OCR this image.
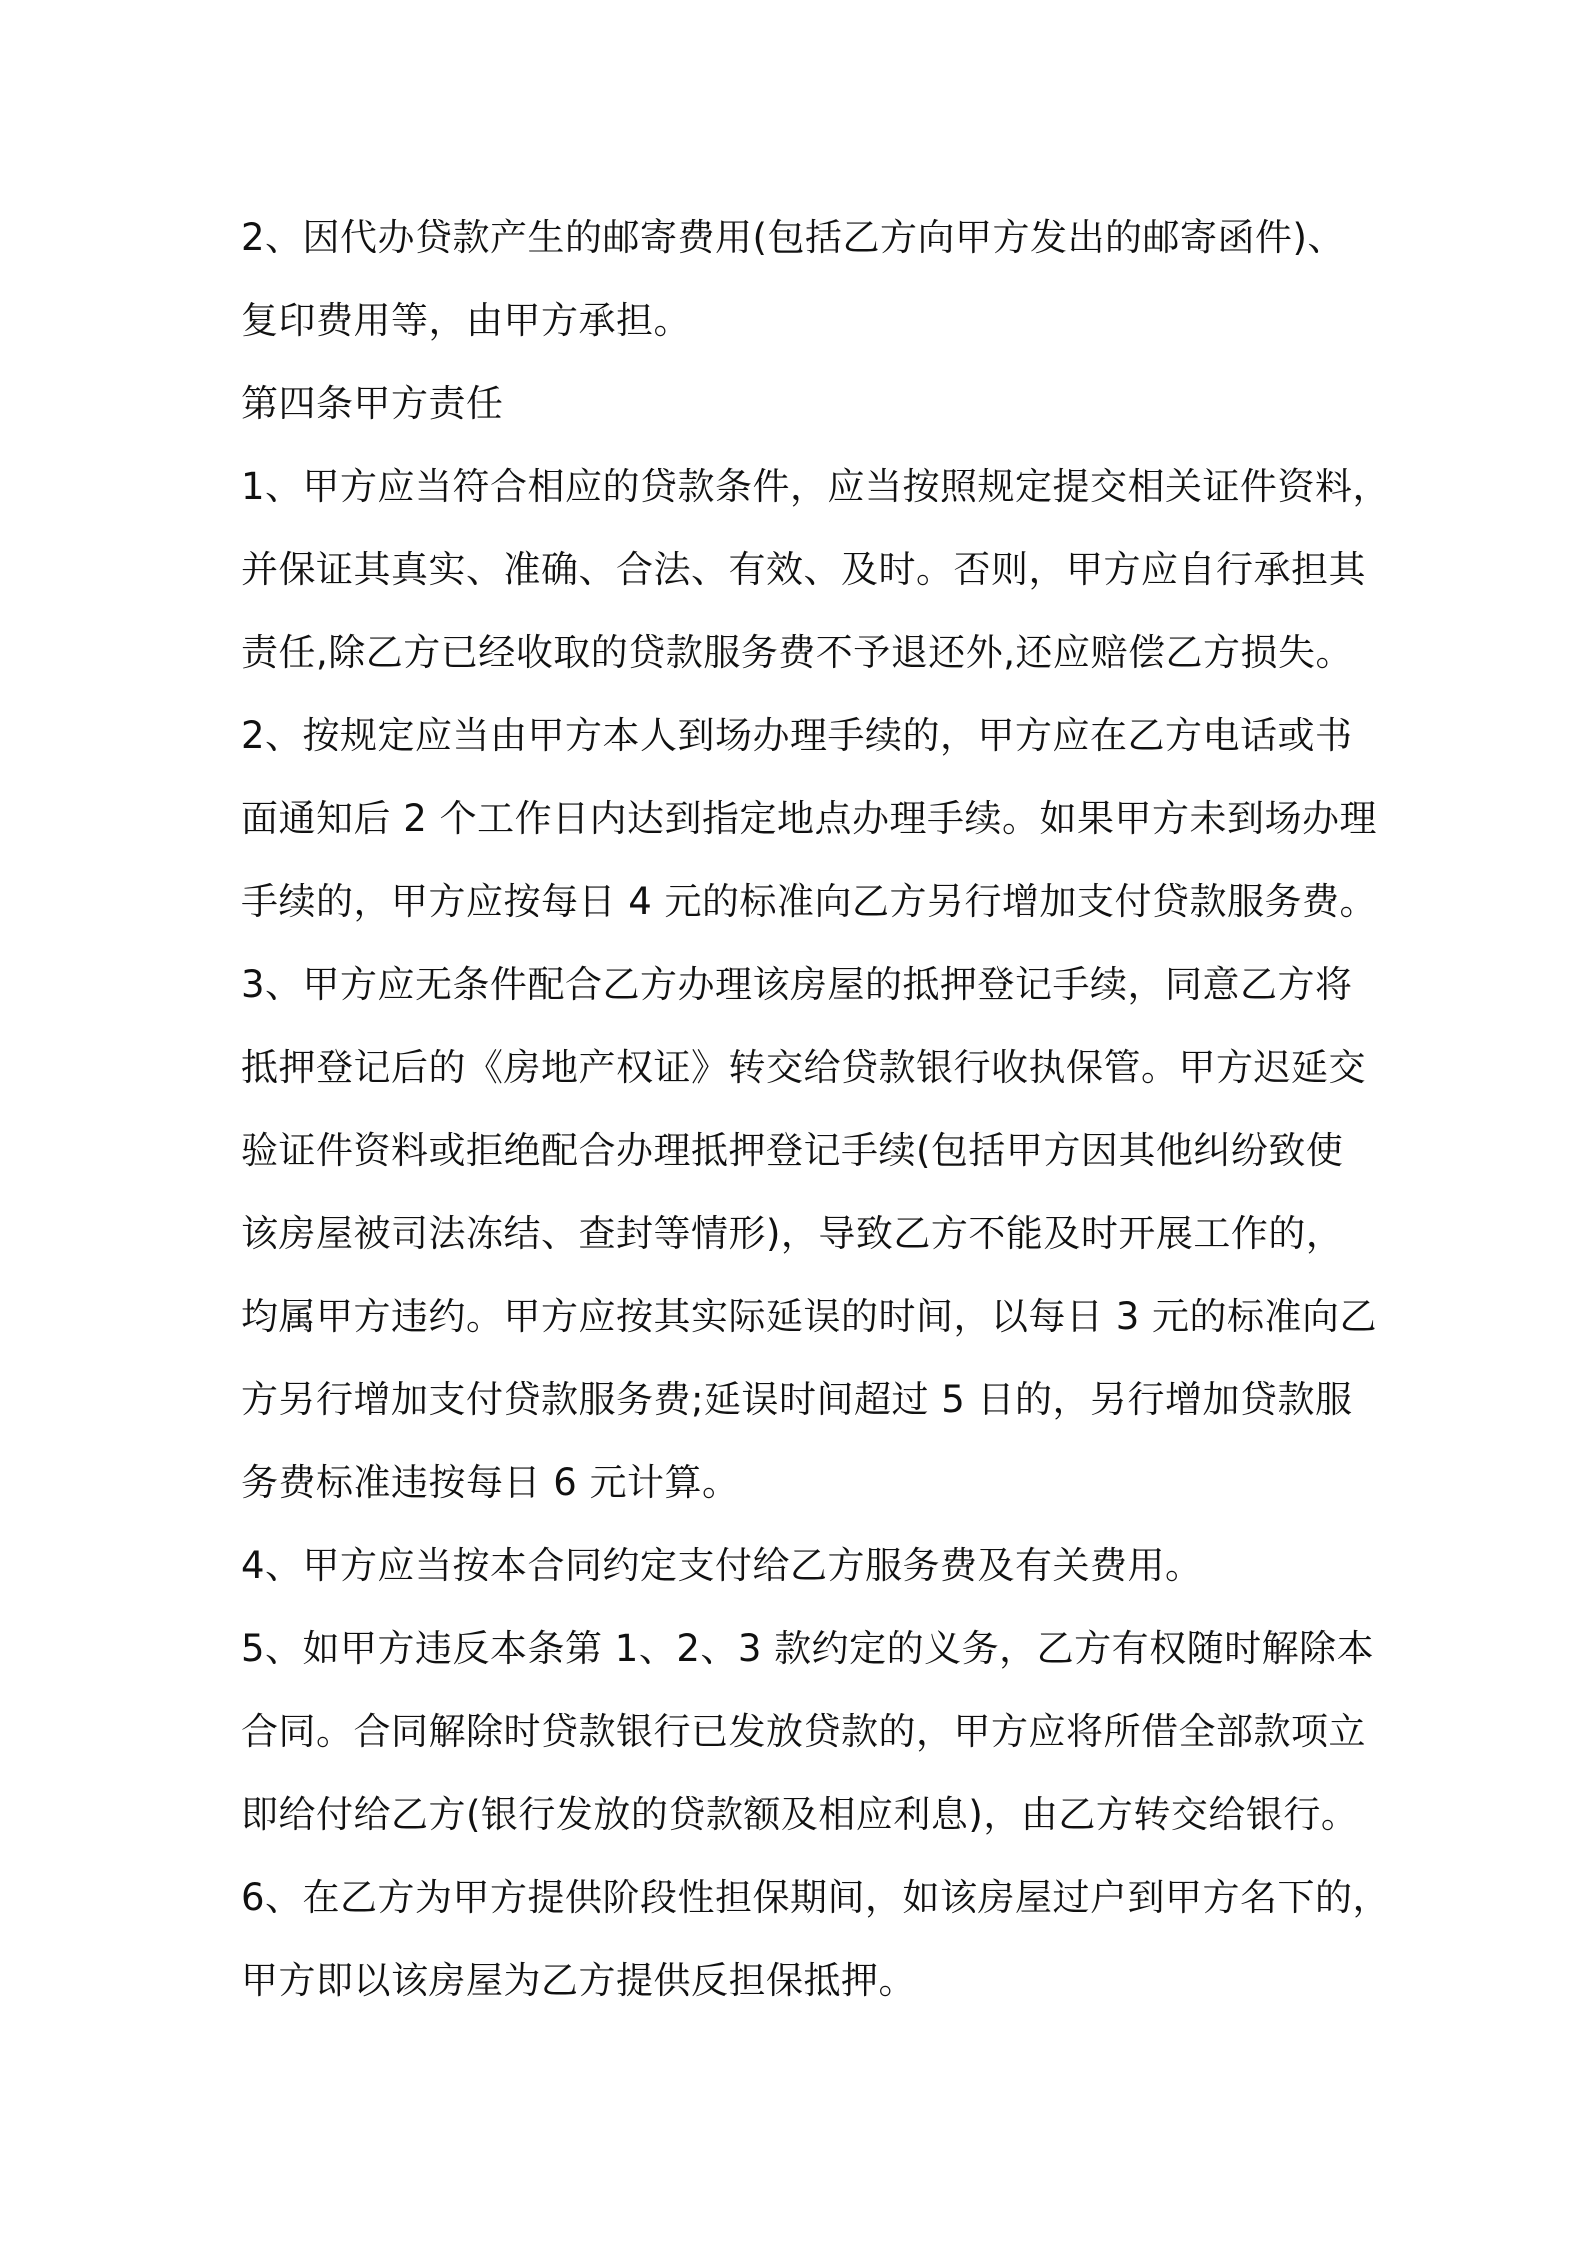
2、因代办贷款产生的邮寄费用(包括乙方向甲方发出的邮寄函件)、
复印费用等，由甲方承担。
第四条甲方责任
1、甲方应当符合相应的贷款条件，应当按照规定提交相关证件资料，
并保证其真实、准确、合法、有效、及时。否则，甲方应自行承担其
责任,除乙方已经收取的贷款服务费不予退还外,还应赔偿乙方损失。
2、按规定应当由甲方本人到场办理手续的，甲方应在乙方电话或书
面通知后 2 个工作日内达到指定地点办理手续。如果甲方未到场办理
手续的，甲方应按每日 4 元的标准向乙方另行增加支付贷款服务费。
3、甲方应无条件配合乙方办理该房屋的抵押登记手续，同意乙方将
抵押登记后的《房地产权证》转交给贷款银行收执保管。甲方迟延交
验证件资料或拒绝配合办理抵押登记手续(包括甲方因其他纠纷致使
该房屋被司法冻结、查封等情形)，导致乙方不能及时开展工作的，
均属甲方违约。甲方应按其实际延误的时间，以每日 3 元的标准向乙
方另行增加支付贷款服务费;延误时间超过 5 日的，另行增加贷款服
务费标准违按每日 6 元计算。
4、甲方应当按本合同约定支付给乙方服务费及有关费用。
5、如甲方违反本条第 1、2、3 款约定的义务，乙方有权随时解除本
合同。合同解除时贷款银行已发放贷款的，甲方应将所借全部款项立
即给付给乙方(银行发放的贷款额及相应利息)，由乙方转交给银行。
6、在乙方为甲方提供阶段性担保期间，如该房屋过户到甲方名下的，
甲方即以该房屋为乙方提供反担保抵押。
